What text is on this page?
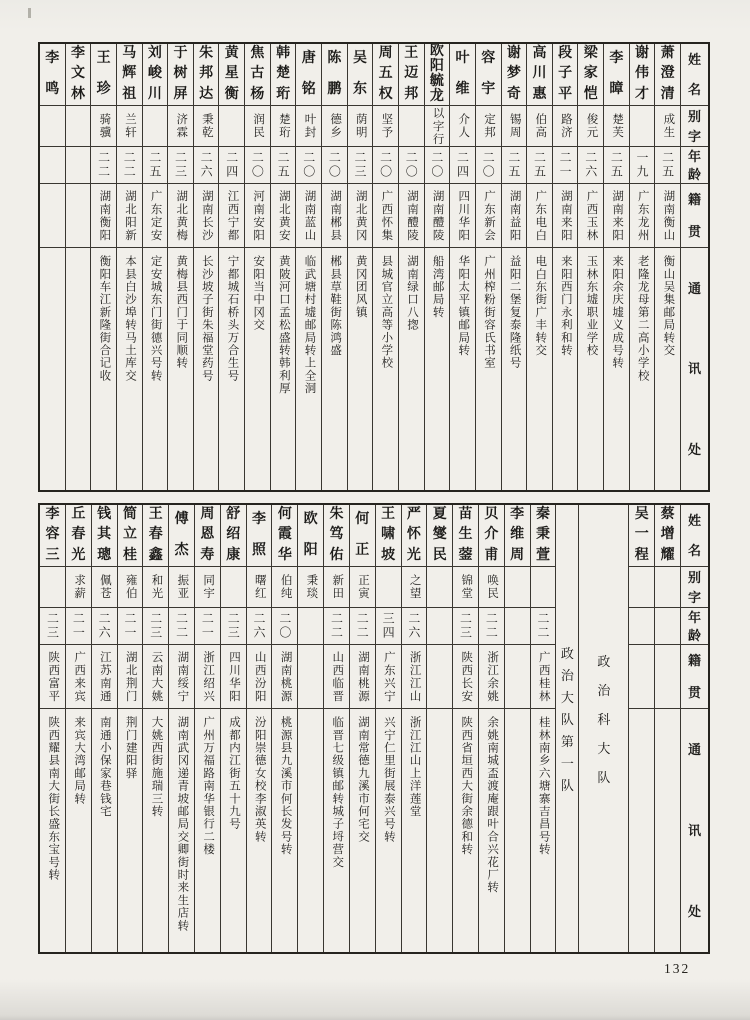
姓
名
别
字
年
龄
籍
贯
通
讯
处
萧
澄
清
成生
二五
湖南衡山
衡山吴集邮局转交
谢
伟
才
一九
广东龙州
老隆龙母第二高小学校
李
暲
楚芙
二五
湖南来阳
来阳余庆墟义成号转
梁
家
恺
俊元
二六
广西玉林
玉林东墟职业学校
段
子
平
路济
二一
湖南来阳
来阳西门永利和转
高
川
惠
伯高
二五
广东电白
电白东街广丰转交
谢
梦
奇
锡周
二五
湖南益阳
益阳二堡复泰隆纸号
容
宇
定邦
二〇
广东新会
广州榨粉街容氏书室
叶
维
介人
二四
四川华阳
华阳太平镇邮局转
欧
阳
毓
龙
以字行
二〇
湖南醴陵
船湾邮局转
王
迈
邦
二〇
湖南醴陵
湖南绿口八揔
周
五
权
坚予
二〇
广西怀集
县城官立高等小学校
吴
东
荫明
二三
湖北黄冈
黄冈团风镇
陈
鹏
德乡
二〇
湖南郴县
郴县草鞋街陈鸿盛
唐
铭
叶封
二〇
湖南蓝山
临武塘村墟邮局转上全洞
韩
楚
珩
楚珩
二五
湖北黄安
黄陂河口孟松盛转韩利厚
焦
古
杨
润民
二〇
河南安阳
安阳当中冈交
黄
星
衡
二四
江西宁都
宁都城石桥头万合生号
朱
邦
达
秉乾
二六
湖南长沙
长沙坡子街朱福堂药号
于
树
屏
济霖
二三
湖北黄梅
黄梅县西门于同顺转
刘
峻
川
二五
广东定安
定安城东门街德兴号转
马
辉
祖
兰轩
二二
湖北阳新
本县白沙埠转马土库交
王
珍
骑骥
二二
湖南衡阳
衡阳车江新隆街合记收
李
文
林
李
鸣
姓
名
别
字
年
龄
籍
贯
通
讯
处
蔡
增
耀
吴
一
程
政
治
科
大
队
政
治
大
队
第
一
队
秦
秉
萱
二二
广西桂林
桂林南乡六塘寨吉昌号转
李
维
周
贝
介
甫
唤民
二二
浙江余姚
余姚南城盃渡庵跟叶合兴花厂转
苗
生
蓥
锦堂
二三
陕西长安
陕西省垣西大街余德和转
夏
燮
民
严
怀
光
之望
二六
浙江江山
浙江江山上洋莲堂
王
啸
坡
三四
广东兴宁
兴宁仁里街展泰兴号转
何
正
正寅
二二
湖南桃源
湖南常德九溪市何宅交
朱
笃
佑
新田
二二
山西临晋
临晋七级镇邮转城子埒营交
欧
阳
秉琰
何
霞
华
伯纯
二〇
湖南桃源
桃源县九溪市何长发号转
李
照
曙红
二六
山西汾阳
汾阳崇德女校李淑英转
舒
绍
康
二三
四川华阳
成都内江街五十九号
周
恩
寿
同宇
二一
浙江绍兴
广州万福路南华银行二楼
傅
杰
振亚
二二
湖南绥宁
湖南武冈递青坡邮局交卿街时来生店转
王
春
鑫
和光
二三
云南大姚
大姚西街施瑞三转
简
立
桂
雍伯
二一
湖北荆门
荆门建阳驿
钱
其
璁
佩苍
二六
江苏南通
南通小保家巷钱宅
丘
春
光
求薪
二一
广西来宾
来宾大湾邮局转
李
容
三
二三
陕西富平
陕西耀县南大街长盛东宝号转
132
